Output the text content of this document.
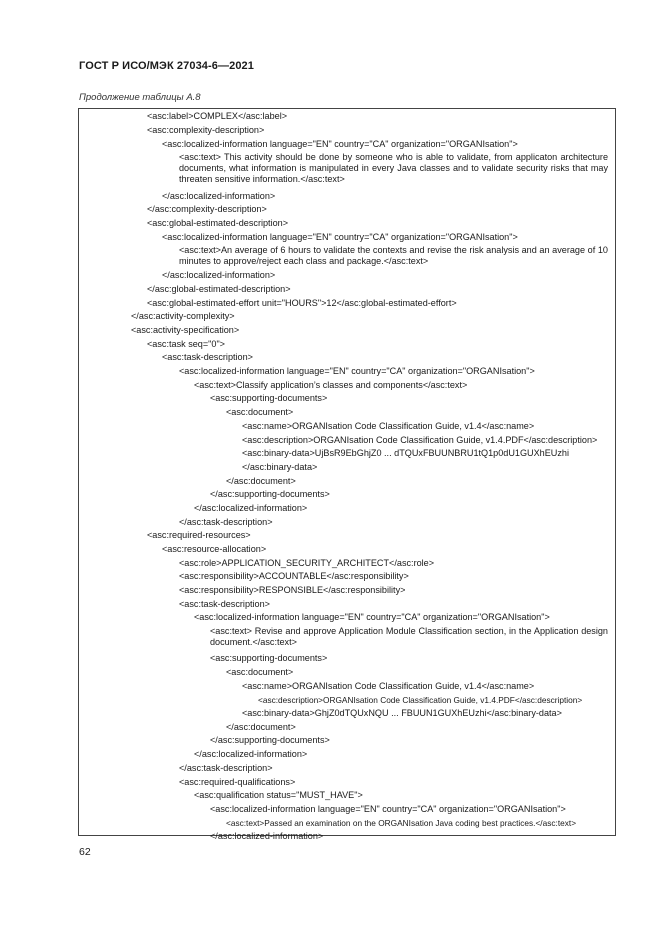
ГОСТ Р ИСО/МЭК 27034-6—2021
Продолжение таблицы А.8
<asc:label>COMPLEX</asc:label>
<asc:complexity-description>
<asc:localized-information language="EN" country="CA" organization="ORGANIsation">
<asc:text> This activity should be done by someone who is able to validate, from applicaton architecture documents, what information is manipulated in every Java classes and to validate security risks that may threaten sensitive information.</asc:text>
</asc:localized-information>
</asc:complexity-description>
<asc:global-estimated-description>
<asc:localized-information language="EN" country="CA" organization="ORGANIsation">
<asc:text>An average of 6 hours to validate the contexts and revise the risk analysis and an average of 10 minutes to approve/reject each class and package.</asc:text>
</asc:localized-information>
</asc:global-estimated-description>
<asc:global-estimated-effort unit="HOURS">12</asc:global-estimated-effort>
</asc:activity-complexity>
<asc:activity-specification>
<asc:task seq="0">
<asc:task-description>
<asc:localized-information language="EN" country="CA" organization="ORGANIsation">
<asc:text>Classify application’s classes and components</asc:text>
<asc:supporting-documents>
<asc:document>
<asc:name>ORGANIsation Code Classification Guide, v1.4</asc:name>
<asc:description>ORGANIsation Code Classification Guide, v1.4.PDF</asc:description>
<asc:binary-data>UjBsR9EbGhjZ0 ... dTQUxFBUUNBRU1tQ1p0dU1GUXhEUzhi
</asc:binary-data>
</asc:document>
</asc:supporting-documents>
</asc:localized-information>
</asc:task-description>
<asc:required-resources>
<asc:resource-allocation>
<asc:role>APPLICATION_SECURITY_ARCHITECT</asc:role>
<asc:responsibility>ACCOUNTABLE</asc:responsibility>
<asc:responsibility>RESPONSIBLE</asc:responsibility>
<asc:task-description>
<asc:localized-information language="EN" country="CA" organization="ORGANIsation">
<asc:text> Revise and approve Application Module Classification section, in the Application design document.</asc:text>
<asc:supporting-documents>
<asc:document>
<asc:name>ORGANIsation Code Classification Guide, v1.4</asc:name>
<asc:description>ORGANIsation Code Classification Guide, v1.4.PDF</asc:description>
<asc:binary-data>GhjZ0dTQUxNQU ... FBUUN1GUXhEUzhi</asc:binary-data>
</asc:document>
</asc:supporting-documents>
</asc:localized-information>
</asc:task-description>
<asc:required-qualifications>
<asc:qualification status="MUST_HAVE">
<asc:localized-information language="EN" country="CA" organization="ORGANIsation">
<asc:text>Passed an examination on the ORGANIsation Java coding best practices.</asc:text>
</asc:localized-information>
62
